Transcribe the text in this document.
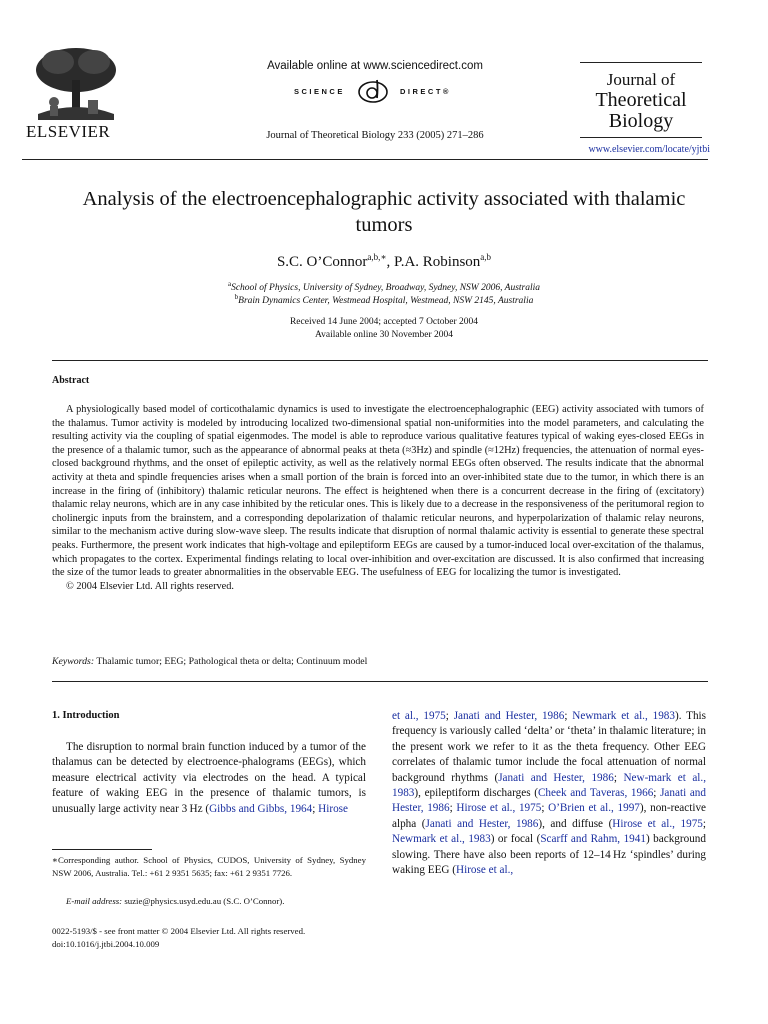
ELSEVIER
Available online at www.sciencedirect.com
SCIENCE	DIRECT®
Journal of Theoretical Biology 233 (2005) 271–286
Journal of
Theoretical
Biology
www.elsevier.com/locate/yjtbi
Analysis of the electroencephalographic activity associated with thalamic tumors
S.C. O’Connor$^{a,b,∗}$, P.A. Robinson$^{a,b}$
$^a$School of Physics, University of Sydney, Broadway, Sydney, NSW 2006, Australia
$^b$Brain Dynamics Center, Westmead Hospital, Westmead, NSW 2145, Australia
Received 14 June 2004; accepted 7 October 2004
Available online 30 November 2004
Abstract
A physiologically based model of corticothalamic dynamics is used to investigate the electroencephalographic (EEG) activity associated with tumors of the thalamus. Tumor activity is modeled by introducing localized two-dimensional spatial non-uniformities into the model parameters, and calculating the resulting activity via the coupling of spatial eigenmodes. The model is able to reproduce various qualitative features typical of waking eyes-closed EEGs in the presence of a thalamic tumor, such as the appearance of abnormal peaks at theta (≈3Hz) and spindle (≈12Hz) frequencies, the attenuation of normal eyes-closed background rhythms, and the onset of epileptic activity, as well as the relatively normal EEGs often observed. The results indicate that the abnormal activity at theta and spindle frequencies arises when a small portion of the brain is forced into an over-inhibited state due to the tumor, in which there is an increase in the firing of (inhibitory) thalamic reticular neurons. The effect is heightened when there is a concurrent decrease in the firing of (excitatory) thalamic relay neurons, which are in any case inhibited by the reticular ones. This is likely due to a decrease in the responsiveness of the peritumoral region to cholinergic inputs from the brainstem, and a corresponding depolarization of thalamic reticular neurons, and hyperpolarization of thalamic relay neurons, similar to the mechanism active during slow-wave sleep. The results indicate that disruption of normal thalamic activity is essential to generate these spectral peaks. Furthermore, the present work indicates that high-voltage and epileptiform EEGs are caused by a tumor-induced local over-excitation of the thalamus, which propagates to the cortex. Experimental findings relating to local over-inhibition and over-excitation are discussed. It is also confirmed that increasing the size of the tumor leads to greater abnormalities in the observable EEG. The usefulness of EEG for localizing the tumor is investigated.
© 2004 Elsevier Ltd. All rights reserved.
Keywords: Thalamic tumor; EEG; Pathological theta or delta; Continuum model
1. Introduction
The disruption to normal brain function induced by a tumor of the thalamus can be detected by electroence-phalograms (EEGs), which measure electrical activity via electrodes on the head. A typical feature of waking EEG in the presence of thalamic tumors, is unusually large activity near 3 Hz (Gibbs and Gibbs, 1964; Hirose
∗Corresponding author. School of Physics, CUDOS, University of Sydney, Sydney NSW 2006, Australia. Tel.: +61 2 9351 5635; fax: +61 2 9351 7726.
E-mail address: suzie@physics.usyd.edu.au (S.C. O’Connor).
0022-5193/$ - see front matter © 2004 Elsevier Ltd. All rights reserved.
doi:10.1016/j.jtbi.2004.10.009
et al., 1975; Janati and Hester, 1986; Newmark et al., 1983). This frequency is variously called ‘delta’ or ‘theta’ in thalamic literature; in the present work we refer to it as the theta frequency. Other EEG correlates of thalamic tumor include the focal attenuation of normal background rhythms (Janati and Hester, 1986; New-mark et al., 1983), epileptiform discharges (Cheek and Taveras, 1966; Janati and Hester, 1986; Hirose et al., 1975; O’Brien et al., 1997), non-reactive alpha (Janati and Hester, 1986), and diffuse (Hirose et al., 1975; Newmark et al., 1983) or focal (Scarff and Rahm, 1941) background slowing. There have also been reports of 12–14 Hz ‘spindles’ during waking EEG (Hirose et al.,
